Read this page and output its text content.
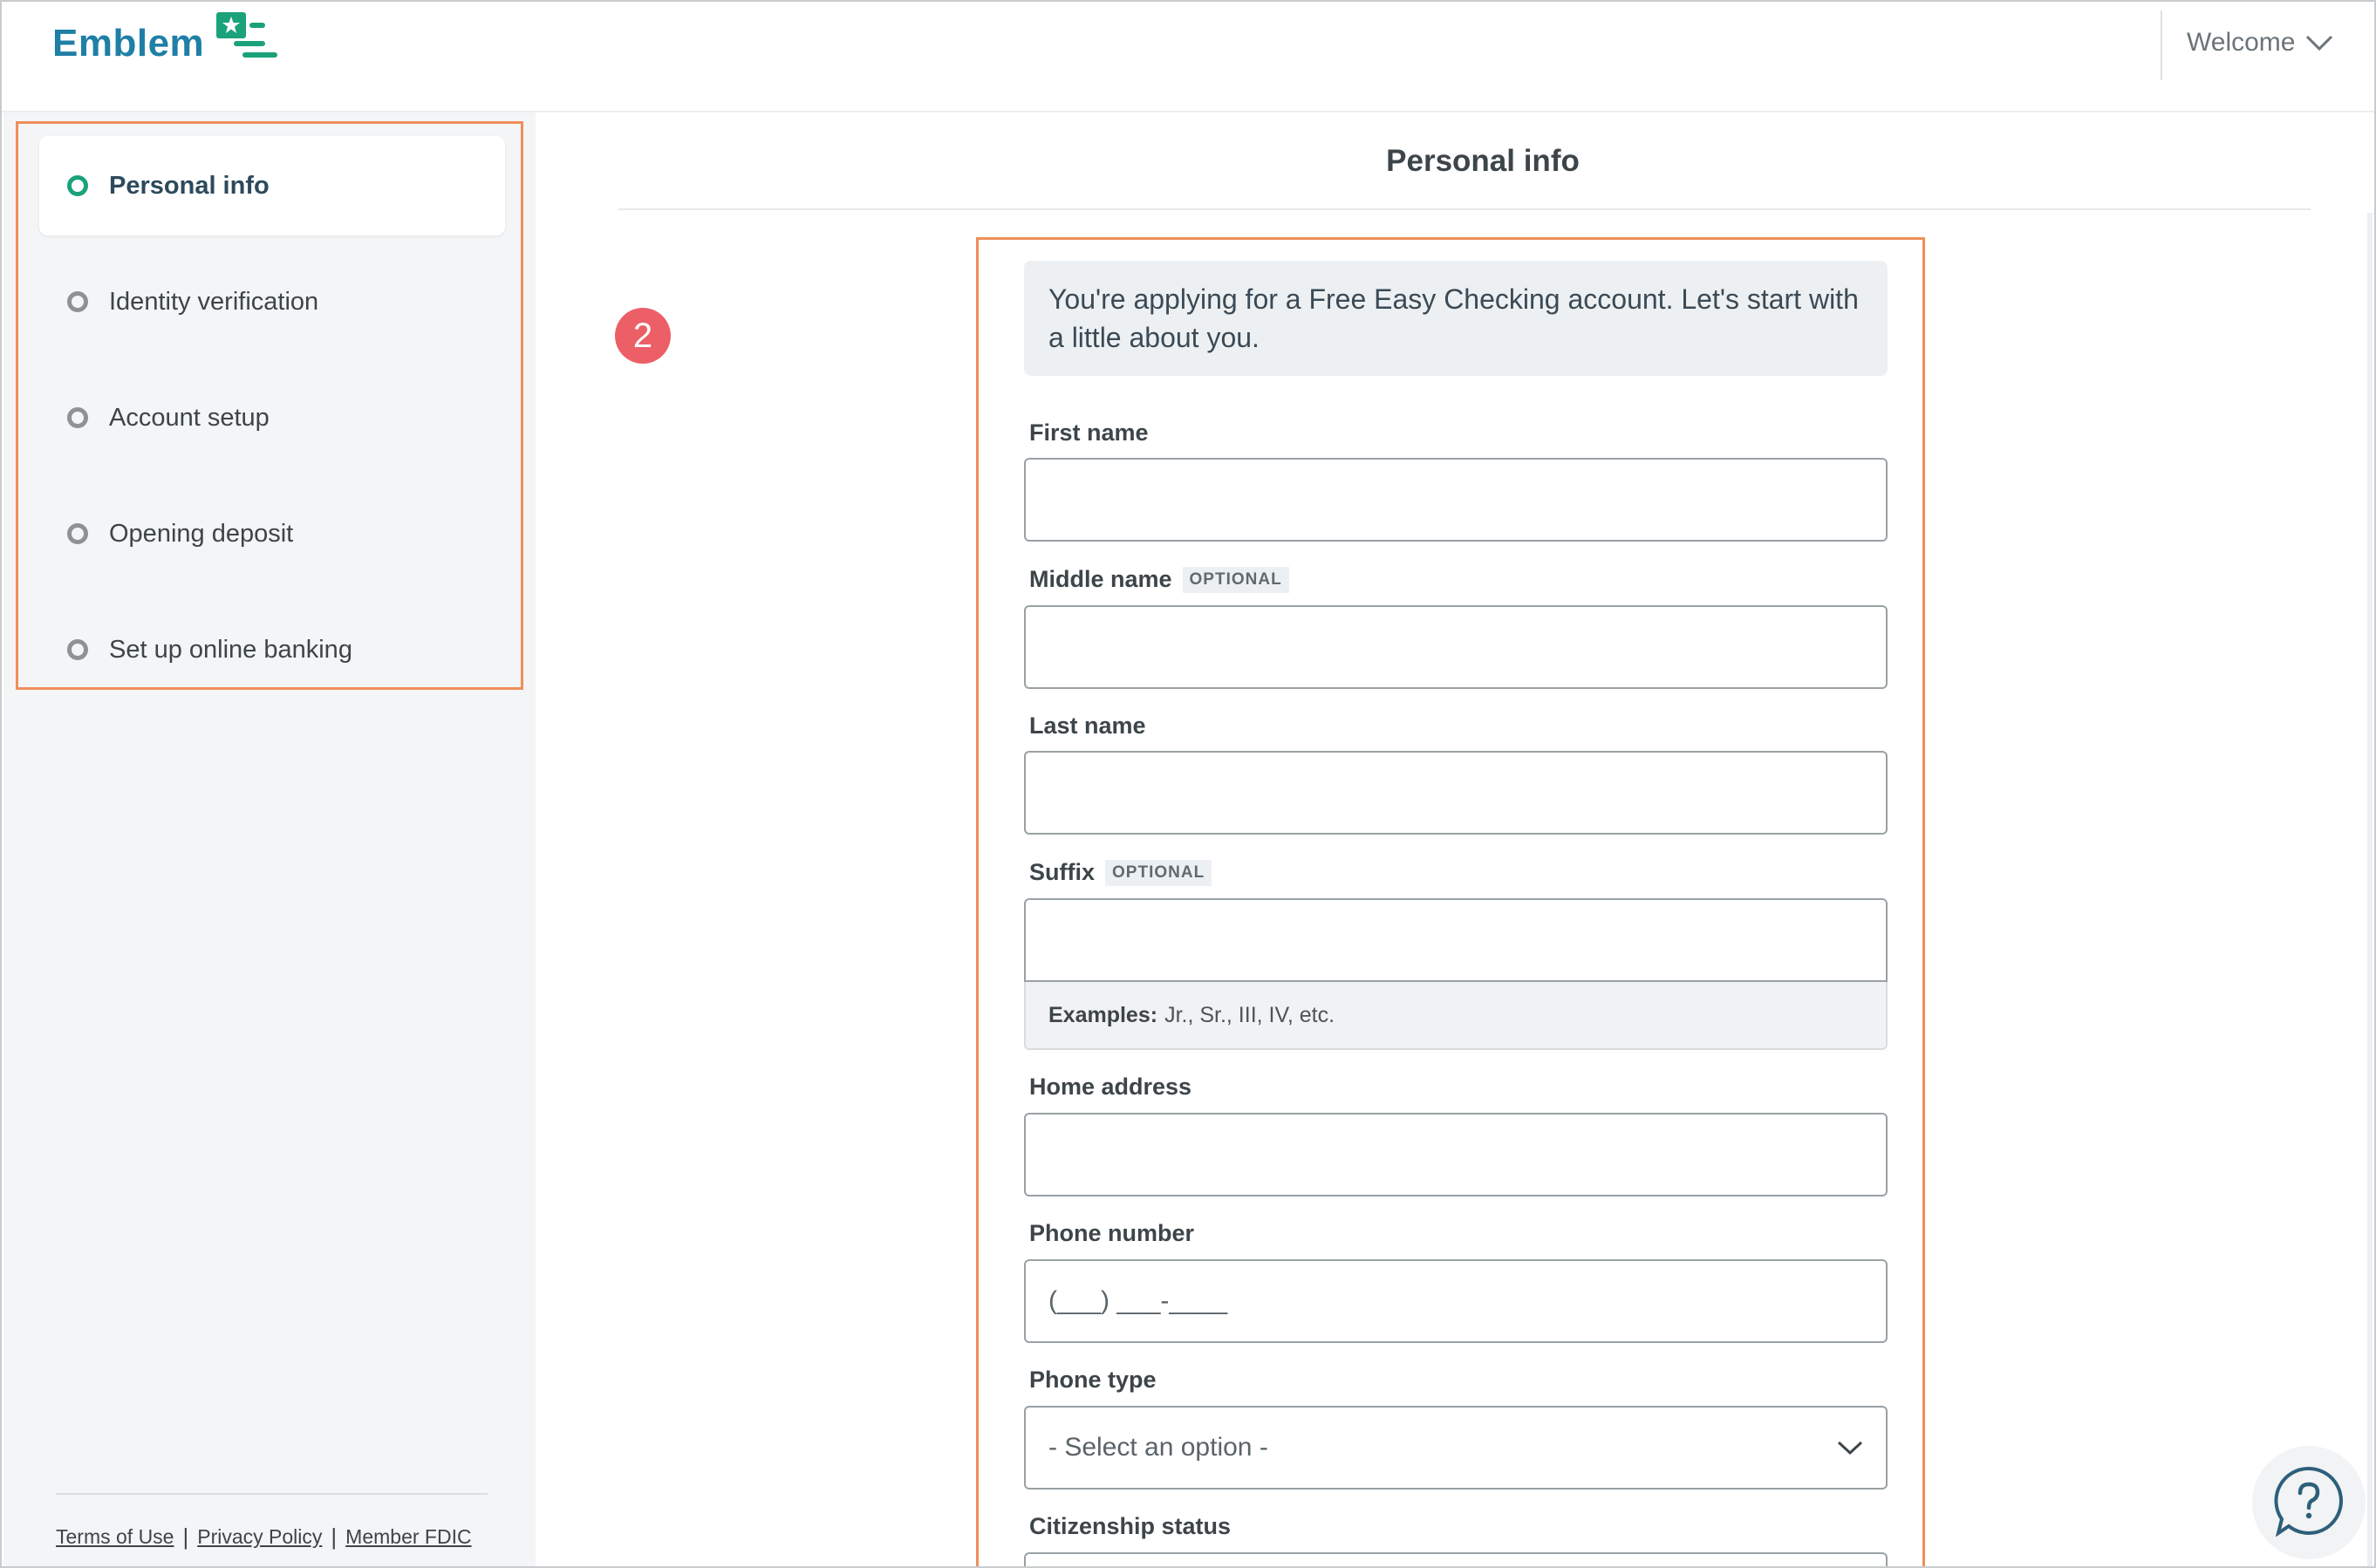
Emblem	Welcome
Personal info
Identity verification
Account setup
Opening deposit
Set up online banking
Terms of Use | Privacy Policy | Member FDIC
Personal info
2
You're applying for a Free Easy Checking account. Let's start with a little about you.
First name
Middle name	OPTIONAL
Last name
Suffix	OPTIONAL
Examples: Jr., Sr., III, IV, etc.
Home address
Phone number
(___) ___-____
Phone type
- Select an option -
Citizenship status
